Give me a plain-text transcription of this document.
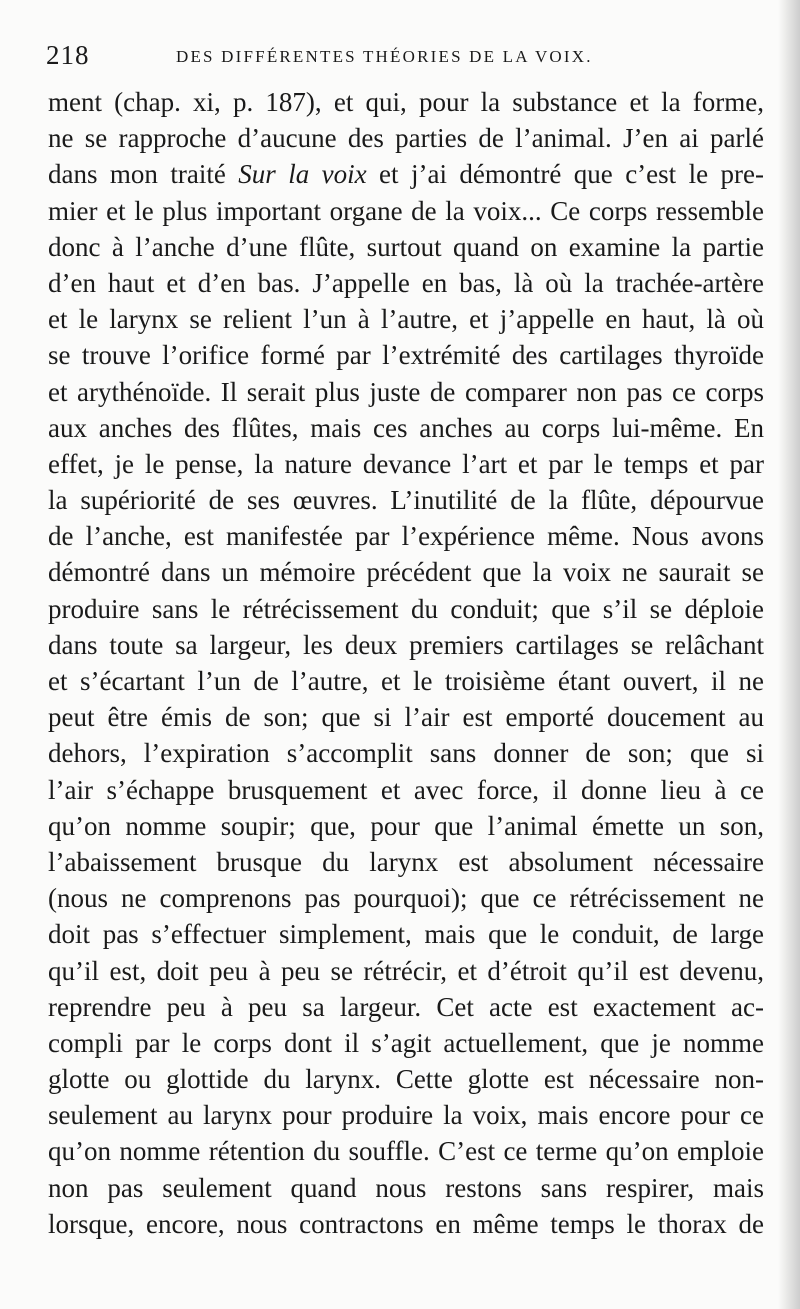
218	DES DIFFÉRENTES THÉORIES DE LA VOIX.
ment (chap. xi, p. 187), et qui, pour la substance et la forme,
ne se rapproche d’aucune des parties de l’animal. J’en ai parlé
dans mon traité Sur la voix et j’ai démontré que c’est le pre-
mier et le plus important organe de la voix... Ce corps ressemble
donc à l’anche d’une flûte, surtout quand on examine la partie
d’en haut et d’en bas. J’appelle en bas, là où la trachée-artère
et le larynx se relient l’un à l’autre, et j’appelle en haut, là où
se trouve l’orifice formé par l’extrémité des cartilages thyroïde
et arythénoïde. Il serait plus juste de comparer non pas ce corps
aux anches des flûtes, mais ces anches au corps lui-même. En
effet, je le pense, la nature devance l’art et par le temps et par
la supériorité de ses œuvres. L’inutilité de la flûte, dépourvue
de l’anche, est manifestée par l’expérience même. Nous avons
démontré dans un mémoire précédent que la voix ne saurait se
produire sans le rétrécissement du conduit; que s’il se déploie
dans toute sa largeur, les deux premiers cartilages se relâchant
et s’écartant l’un de l’autre, et le troisième étant ouvert, il ne
peut être émis de son; que si l’air est emporté doucement au
dehors, l’expiration s’accomplit sans donner de son; que si
l’air s’échappe brusquement et avec force, il donne lieu à ce
qu’on nomme soupir; que, pour que l’animal émette un son,
l’abaissement brusque du larynx est absolument nécessaire
(nous ne comprenons pas pourquoi); que ce rétrécissement ne
doit pas s’effectuer simplement, mais que le conduit, de large
qu’il est, doit peu à peu se rétrécir, et d’étroit qu’il est devenu,
reprendre peu à peu sa largeur. Cet acte est exactement ac-
compli par le corps dont il s’agit actuellement, que je nomme
glotte ou glottide du larynx. Cette glotte est nécessaire non-
seulement au larynx pour produire la voix, mais encore pour ce
qu’on nomme rétention du souffle. C’est ce terme qu’on emploie
non pas seulement quand nous restons sans respirer, mais
lorsque, encore, nous contractons en même temps le thorax de
